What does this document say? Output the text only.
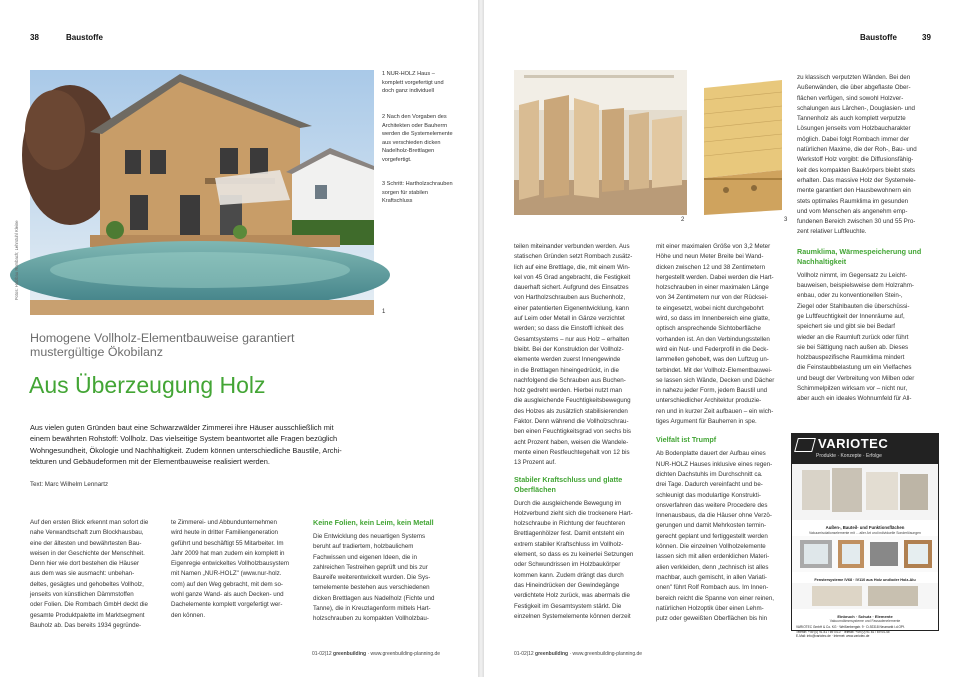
38	Baustoffe
Fotos: Holzbau Rombach; Lehrstuhl Kleine
1
1 NUR-HOLZ Haus – komplett vorgefertigt und doch ganz individuell
2 Nach den Vorgaben des Architekten oder Bauherrn werden die Systemelemente aus verschieden dicken Nadelholz-Brettlagen vorgefertigt.
3 Schritt: Hartholzschrauben sorgen für stabilen Kraftschluss
Homogene Vollholz-Elementbauweise garantiert
mustergültige Ökobilanz
Aus Überzeugung Holz
Aus vielen guten Gründen baut eine Schwarzwälder Zimmerei ihre Häuser ausschließlich mit
einem bewährten Rohstoff: Vollholz. Das vielseitige System beantwortet alle Fragen bezüglich
Wohngesundheit, Ökologie und Nachhaltigkeit. Zudem können unterschiedliche Baustile, Archi-
tekturen und Gebäudeformen mit der Elementbauweise realisiert werden.
Text: Marc Wilhelm Lennartz

Auf den ersten Blick erkennt man sofort die

nahe Verwandtschaft zum Blockhausbau,

eine der ältesten und bewährtesten Bau-

weisen in der Geschichte der Menschheit.

Denn hier wie dort bestehen die Häuser

aus dem was sie ausmacht: unbehan-

deltes, gesägtes und gehobeltes Vollholz,

jenseits von künstlichen Dämmstoffen

oder Folien. Die Rombach GmbH deckt die

gesamte Produktpalette im Marktsegment

Bauholz ab. Das bereits 1934 gegründe-

te Zimmerei- und Abbundunternehmen

wird heute in dritter Familiengeneration

geführt und beschäftigt 55 Mitarbeiter. Im

Jahr 2009 hat man zudem ein komplett in

Eigenregie entwickeltes Vollholzbausystem

mit Namen „NUR-HOLZ" (www.nur-holz.

com) auf den Weg gebracht, mit dem so-

wohl ganze Wand- als auch Decken- und

Dachelemente komplett vorgefertigt wer-

den können.

Keine Folien, kein Leim, kein Metall

Die Entwicklung des neuartigen Systems

beruht auf tradiertem, holzbaulichem

Fachwissen und eigenen Ideen, die in

zahlreichen Testreihen geprüft und bis zur

Baureife weiterentwickelt wurden. Die Sys-

temelemente bestehen aus verschiedenen

dicken Brettlagen aus Nadelholz (Fichte und

Tanne), die in Kreuzlagenform mittels Hart-

holzschrauben zu kompakten Vollholzbau-

01-02|12 greenbuilding · www.greenbuilding-planning.de
Baustoffe	39
2	3

teilen miteinander verbunden werden. Aus

statischen Gründen setzt Rombach zusätz-

lich auf eine Brettlage, die, mit einem Win-

kel von 45 Grad angebracht, die Festigkeit

dauerhaft sichert. Aufgrund des Einsatzes

von Hartholzschrauben aus Buchenholz,

einer patentierten Eigenentwicklung, kann

auf Leim oder Metall in Gänze verzichtet

werden; so dass die Einstoffl ichkeit des

Gesamtsystems – nur aus Holz – erhalten

bleibt. Bei der Konstruktion der Vollholz-

elemente werden zuerst Innengewinde

in die Brettlagen hineingedrückt, in die

nachfolgend die Schrauben aus Buchen-

holz gedreht werden. Hierbei nutzt man

die ausgleichende Feuchtigkeitsbewegung

des Holzes als zusätzlich stabilisierenden

Faktor. Denn während die Vollholzschrau-

ben einen Feuchtigkeitsgrad von sechs bis

acht Prozent haben, weisen die Wandele-

mente einen Restfeuchtegehalt von 12 bis

13 Prozent auf.

Stabiler Kraftschluss und glatte Oberflächen

Durch die ausgleichende Bewegung im

Holzverbund zieht sich die trockenere Hart-

holzschraube in Richtung der feuchteren

Brettlagenhölzer fest. Damit entsteht ein

extrem stabiler Kraftschluss im Vollholz-

element, so dass es zu keinerlei Setzungen

oder Schwundrissen im Holzbaukörper

kommen kann. Zudem drängt das durch

das Hineindrücken der Gewindegänge

verdichtete Holz zurück, was abermals die

Festigkeit im Gesamtsystem stärkt. Die

einzelnen Systemelemente können derzeit

mit einer maximalen Größe von 3,2 Meter

Höhe und neun Meter Breite bei Wand-

dicken zwischen 12 und 38 Zentimetern

hergestellt werden. Dabei werden die Hart-

holzschrauben in einer maximalen Länge

von 34 Zentimetern nur von der Rücksei-

te eingesetzt, wobei nicht durchgebohrt

wird, so dass im Innenbereich eine glatte,

optisch ansprechende Sichtoberfläche

vorhanden ist. An den Verbindungsstellen

wird ein Nut- und Federprofil in die Deck-

lammellen gehobelt, was den Luftzug un-

terbindet. Mit der Vollholz-Elementbauwei-

se lassen sich Wände, Decken und Dächer

in nahezu jeder Form, jedem Baustil und

unterschiedlicher Architektur produzie-

ren und in kurzer Zeit aufbauen – ein wich-

tiges Argument für Bauherren in spe.

Vielfalt ist Trumpf

Ab Bodenplatte dauert der Aufbau eines

NUR-HOLZ Hauses inklusive eines regen-

dichten Dachstuhls im Durchschnitt ca.

drei Tage. Dadurch vereinfacht und be-

schleunigt das modulartige Konstrukti-

onsverfahren das weitere Procedere des

Innenausbaus, da die Häuser ohne Verzö-

gerungen und damit Mehrkosten termin-

gerecht geplant und fertiggestellt werden

können. Die einzelnen Vollholzelemente

lassen sich mit allen erdenklichen Materi-

alien verkleiden, denn „technisch ist alles

machbar, auch gemischt, in allen Variati-

onen" führt Rolf Rombach aus. Im Innen-

bereich reicht die Spanne von einer reinen,

natürlichen Holzoptik über einen Lehm-

putz oder geweißten Oberflächen bis hin

zu klassisch verputzten Wänden. Bei den

Außenwänden, die über abgeflaste Ober-

flächen verfügen, sind sowohl Holzver-

schalungen aus Lärchen-, Douglasien- und

Tannenholz als auch komplett verputzte

Lösungen jenseits vom Holzbaucharakter

möglich. Dabei folgt Rombach immer der

natürlichen Maxime, die der Roh-, Bau- und

Werkstoff Holz vorgibt: die Diffusionsfähig-

keit des kompakten Baukörpers bleibt stets

erhalten. Das massive Holz der Systemele-

mente garantiert den Hausbewohnern ein

stets optimales Raumklima im gesunden

und vom Menschen als angenehm emp-

fundenen Bereich zwischen 30 und 55 Pro-

zent relativer Luftfeuchte.

Raumklima, Wärmespeicherung und Nachhaltigkeit

Vollholz nimmt, im Gegensatz zu Leicht-

bauweisen, beispielsweise dem Holzrahm-

enbau, oder zu konventionellen Stein-,

Ziegel oder Stahlbauten die überschüssi-

ge Luftfeuchtigkeit der Innenräume auf,

speichert sie und gibt sie bei Bedarf

wieder an die Raumluft zurück oder führt

sie bei Sättigung nach außen ab. Dieses

holzbauspezifische Raumklima mindert

die Feinstaubbelastung um ein Vielfaches

und beugt der Verbreitung von Milben oder

Schimmelpilzen wirksam vor – nicht nur,

aber auch ein ideales Wohnumfeld für All-

VARIOTEC
Produkte · Konzepte · Erfolge
Außen-, Bauteil- und Funktionsflächen
Vakuumisolationselemente mit ... aller Art und individuelle Sonderlösungen
Fenstersysteme IV68 · IV110 aus Holz und/oder Holz-Alu
Einbruch · Schutz · Elemente
Vakuumdämmsysteme und Fassadenelemente
VARIOTEC GmbH & Co. KG · Weißenbergstr. 9 · D-92318 Neumarkt i.d.OPf.
Telefon: +49 (0) 91 81 / 69 04-0 · Telefax: +49 (0) 91 81 / 69 04-45
E-Mail: info@variotec.de · Internet: www.variotec.de
01-02|12 greenbuilding · www.greenbuilding-planning.de
